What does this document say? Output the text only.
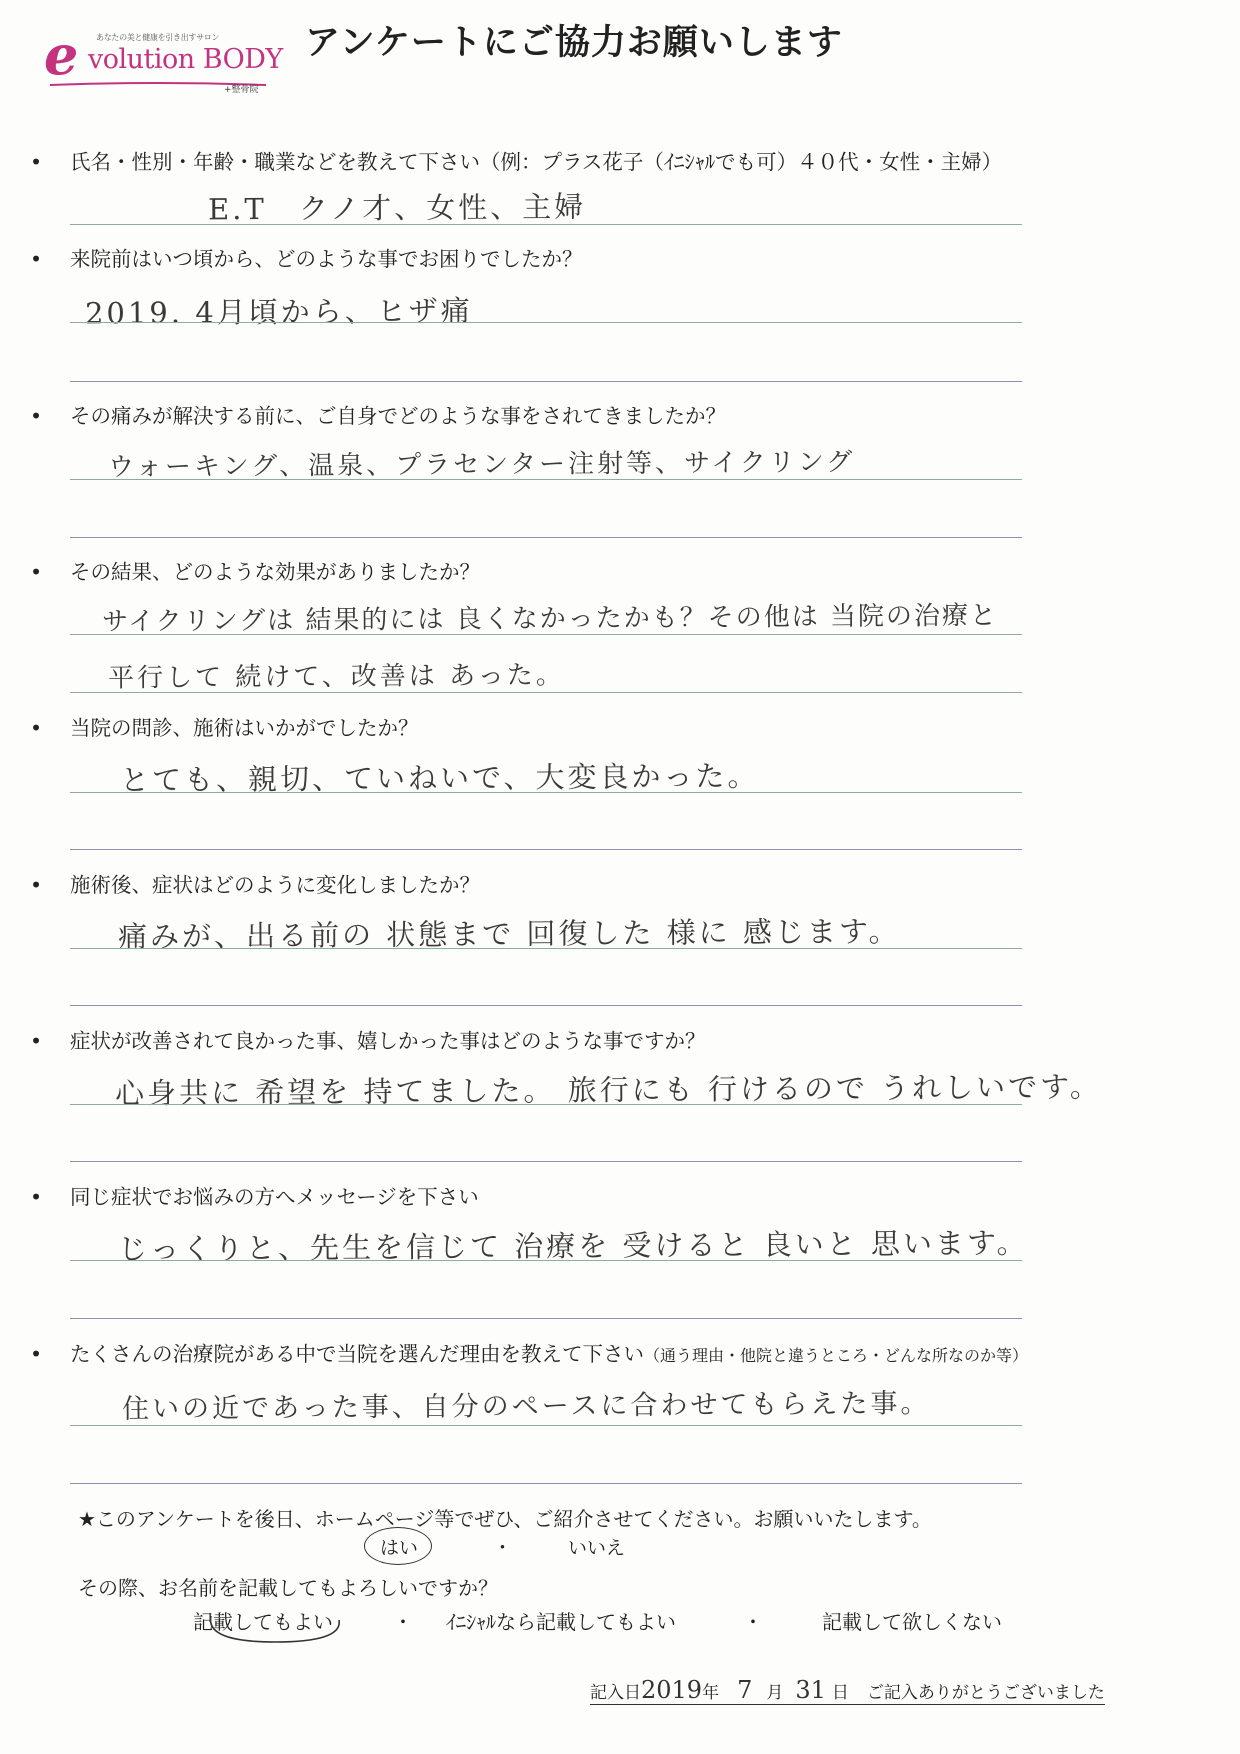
e	あなたの美と健康を引き出すサロン
volution BODY
+整骨院
アンケートにご協力お願いします
• 氏名・性別・年齢・職業などを教えて下さい（例：プラス花子（ｲﾆｼｬﾙでも可）４０代・女性・主婦）
E.T　クノ才、女性、主婦
• 来院前はいつ頃から、どのような事でお困りでしたか？
2019. 4月頃から、ヒザ痛
• その痛みが解決する前に、ご自身でどのような事をされてきましたか？
ウォーキング、温泉、プラセンター注射等、サイクリング
• その結果、どのような効果がありましたか？
サイクリングは 結果的には 良くなかったかも？その他は 当院の治療と
平行して 続けて、改善は あった。
• 当院の問診、施術はいかがでしたか？
とても、親切、ていねいで、大変良かった。
• 施術後、症状はどのように変化しましたか？
痛みが、出る前の 状態まで 回復した 様に 感じます。
• 症状が改善されて良かった事、嬉しかった事はどのような事ですか？
心身共に 希望を 持てました。 旅行にも 行けるので うれしいです。
• 同じ症状でお悩みの方へメッセージを下さい
じっくりと、先生を信じて 治療を 受けると 良いと 思います。
• たくさんの治療院がある中で当院を選んだ理由を教えて下さい（通う理由・他院と違うところ・どんな所なのか等）
住いの近であった事、自分のペースに合わせてもらえた事。
★このアンケートを後日、ホームページ等でぜひ、ご紹介させてください。お願いいたします。
はい	・	いいえ
その際、お名前を記載してもよろしいですか？
記載してもよい	・ ｲﾆｼｬﾙなら記載してもよい	・	記載して欲しくない
記入日2019年 7 月 31 日 ご記入ありがとうございました
